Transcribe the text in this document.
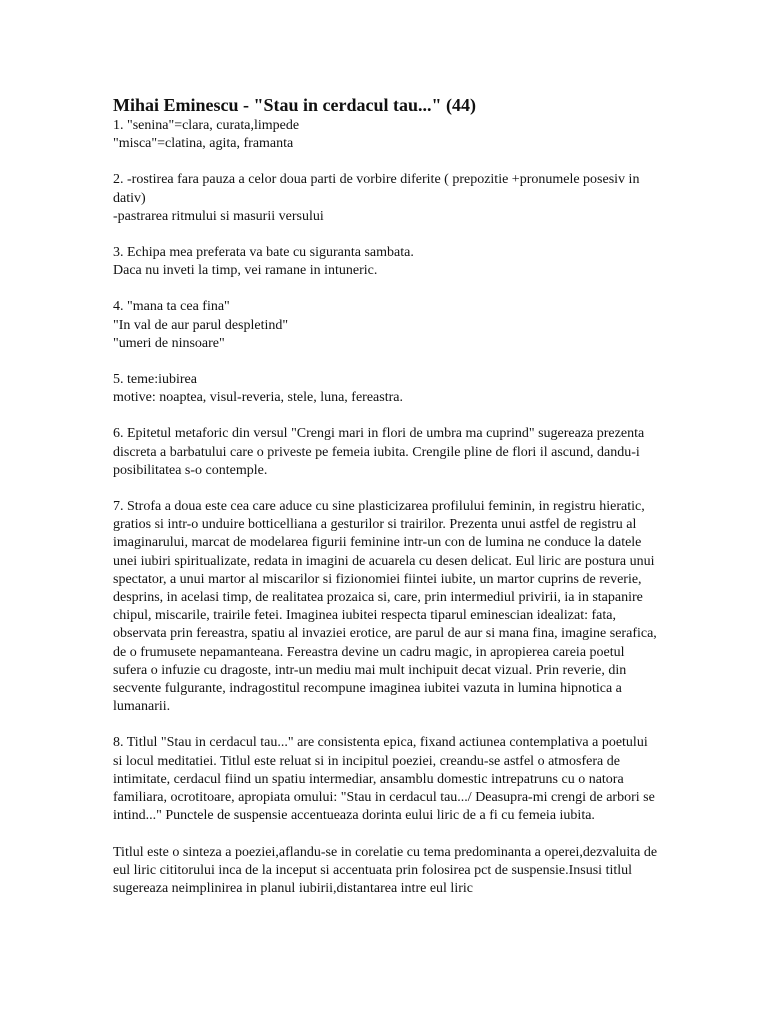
Mihai Eminescu - "Stau in cerdacul tau..." (44)
1. "senina"=clara, curata,limpede
"misca"=clatina, agita, framanta
2. -rostirea fara pauza a celor doua parti de vorbire diferite ( prepozitie +pronumele posesiv in dativ)
-pastrarea ritmului si masurii versului
3. Echipa mea preferata va bate cu siguranta sambata.
Daca nu inveti la timp, vei ramane in intuneric.
4. "mana ta cea fina"
"In val de aur parul despletind"
"umeri de ninsoare"
5. teme:iubirea
motive: noaptea, visul-reveria, stele, luna, fereastra.
6. Epitetul metaforic din versul "Crengi mari in flori de umbra ma cuprind" sugereaza prezenta discreta a barbatului care o priveste pe femeia iubita. Crengile pline de flori il ascund, dandu-i posibilitatea s-o contemple.
7. Strofa a doua este cea care aduce cu sine plasticizarea profilului feminin, in registru hieratic, gratios si intr-o unduire botticelliana a gesturilor si trairilor. Prezenta unui astfel de registru al imaginarului, marcat de modelarea figurii feminine intr-un con de lumina ne conduce la datele unei iubiri spiritualizate, redata in imagini de acuarela cu desen delicat. Eul liric are postura unui spectator, a unui martor al miscarilor si fizionomiei fiintei iubite, un martor cuprins de reverie, desprins, in acelasi timp, de realitatea prozaica si, care, prin intermediul privirii, ia in stapanire chipul, miscarile, trairile fetei. Imaginea iubitei respecta tiparul eminescian idealizat: fata, observata prin fereastra, spatiu al invaziei erotice, are parul de aur si mana fina, imagine serafica, de o frumusete nepamanteana. Fereastra devine un cadru magic, in apropierea careia poetul sufera o infuzie cu dragoste, intr-un mediu mai mult inchipuit decat vizual. Prin reverie, din secvente fulgurante, indragostitul recompune imaginea iubitei vazuta in lumina hipnotica a lumanarii.
8. Titlul "Stau in cerdacul tau..." are consistenta epica, fixand actiunea contemplativa a poetului si locul meditatiei. Titlul este reluat si in incipitul poeziei, creandu-se astfel o atmosfera de intimitate, cerdacul fiind un spatiu intermediar, ansamblu domestic intrepatruns cu o natora familiara, ocrotitoare, apropiata omului: "Stau in cerdacul tau.../ Deasupra-mi crengi de arbori se intind..." Punctele de suspensie accentueaza dorinta eului liric de a fi cu femeia iubita.
Titlul este o sinteza a poeziei,aflandu-se in corelatie cu tema predominanta a operei,dezvaluita de eul liric cititorului inca de la inceput si accentuata prin folosirea pct de suspensie.Insusi titlul sugereaza neimplinirea in planul iubirii,distantarea intre eul liric
